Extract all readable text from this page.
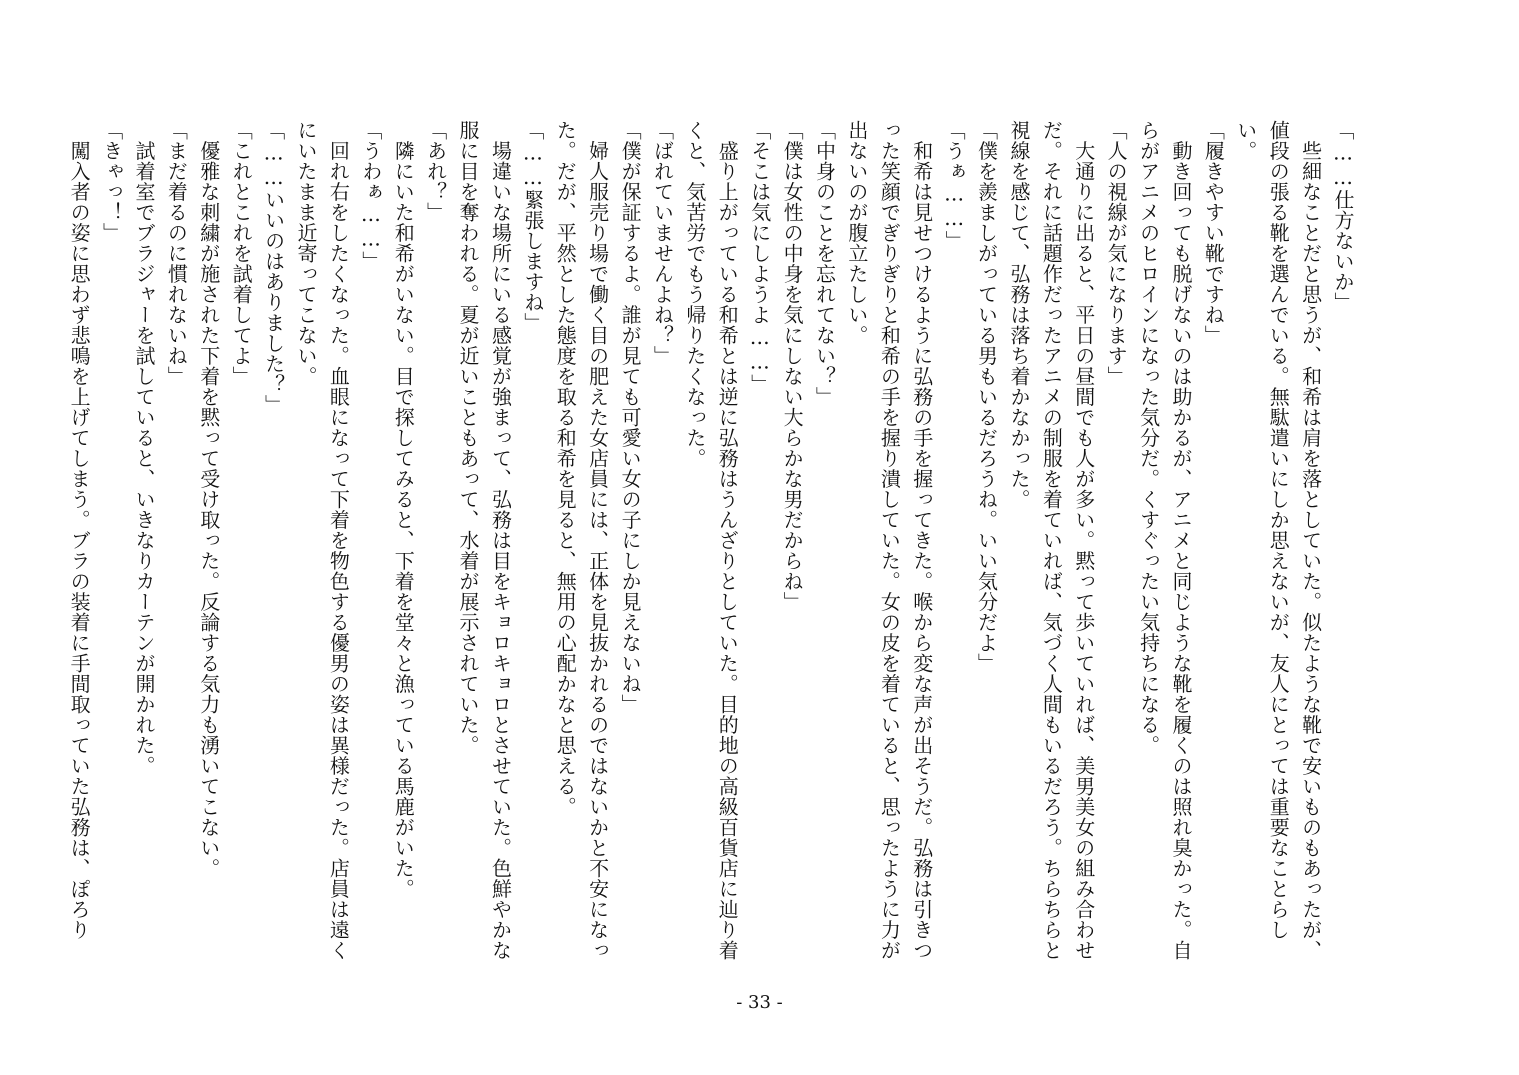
「……仕方ないか」

　些細なことだと思うが、和希は肩を落としていた。似たような靴で安いものもあったが、値段の張る靴を選んでいる。無駄遣いにしか思えないが、友人にとっては重要なことらしい。

「履きやすい靴ですね」

　動き回っても脱げないのは助かるが、アニメと同じような靴を履くのは照れ臭かった。自らがアニメのヒロインになった気分だ。くすぐったい気持ちになる。

「人の視線が気になります」

　大通りに出ると、平日の昼間でも人が多い。黙って歩いていれば、美男美女の組み合わせだ。それに話題作だったアニメの制服を着ていれば、気づく人間もいるだろう。ちらちらと視線を感じて、弘務は落ち着かなかった。

「僕を羨ましがっている男もいるだろうね。いい気分だよ」

「うぁ……」

　和希は見せつけるように弘務の手を握ってきた。喉から変な声が出そうだ。弘務は引きつった笑顔でぎりぎりと和希の手を握り潰していた。女の皮を着ていると、思ったように力が出ないのが腹立たしい。

「中身のことを忘れてない？」

「僕は女性の中身を気にしない大らかな男だからね」

「そこは気にしようよ……」

　盛り上がっている和希とは逆に弘務はうんざりとしていた。目的地の高級百貨店に辿り着くと、気苦労でもう帰りたくなった。

「ばれていませんよね？」

「僕が保証するよ。誰が見ても可愛い女の子にしか見えないね」

　婦人服売り場で働く目の肥えた女店員には、正体を見抜かれるのではないかと不安になった。だが、平然とした態度を取る和希を見ると、無用の心配かなと思える。

「……緊張しますね」

　場違いな場所にいる感覚が強まって、弘務は目をキョロキョロとさせていた。色鮮やかな服に目を奪われる。夏が近いこともあって、水着が展示されていた。

「あれ？」

　隣にいた和希がいない。目で探してみると、下着を堂々と漁っている馬鹿がいた。

「うわぁ……」

　回れ右をしたくなった。血眼になって下着を物色する優男の姿は異様だった。店員は遠くにいたまま近寄ってこない。

「……いいのはありました？」

「これとこれを試着してよ」

　優雅な刺繍が施された下着を黙って受け取った。反論する気力も湧いてこない。

「まだ着るのに慣れないね」

　試着室でブラジャーを試していると、いきなりカーテンが開かれた。

「きゃっ！」

　闖入者の姿に思わず悲鳴を上げてしまう。ブラの装着に手間取っていた弘務は、ぽろり

- 33 -
